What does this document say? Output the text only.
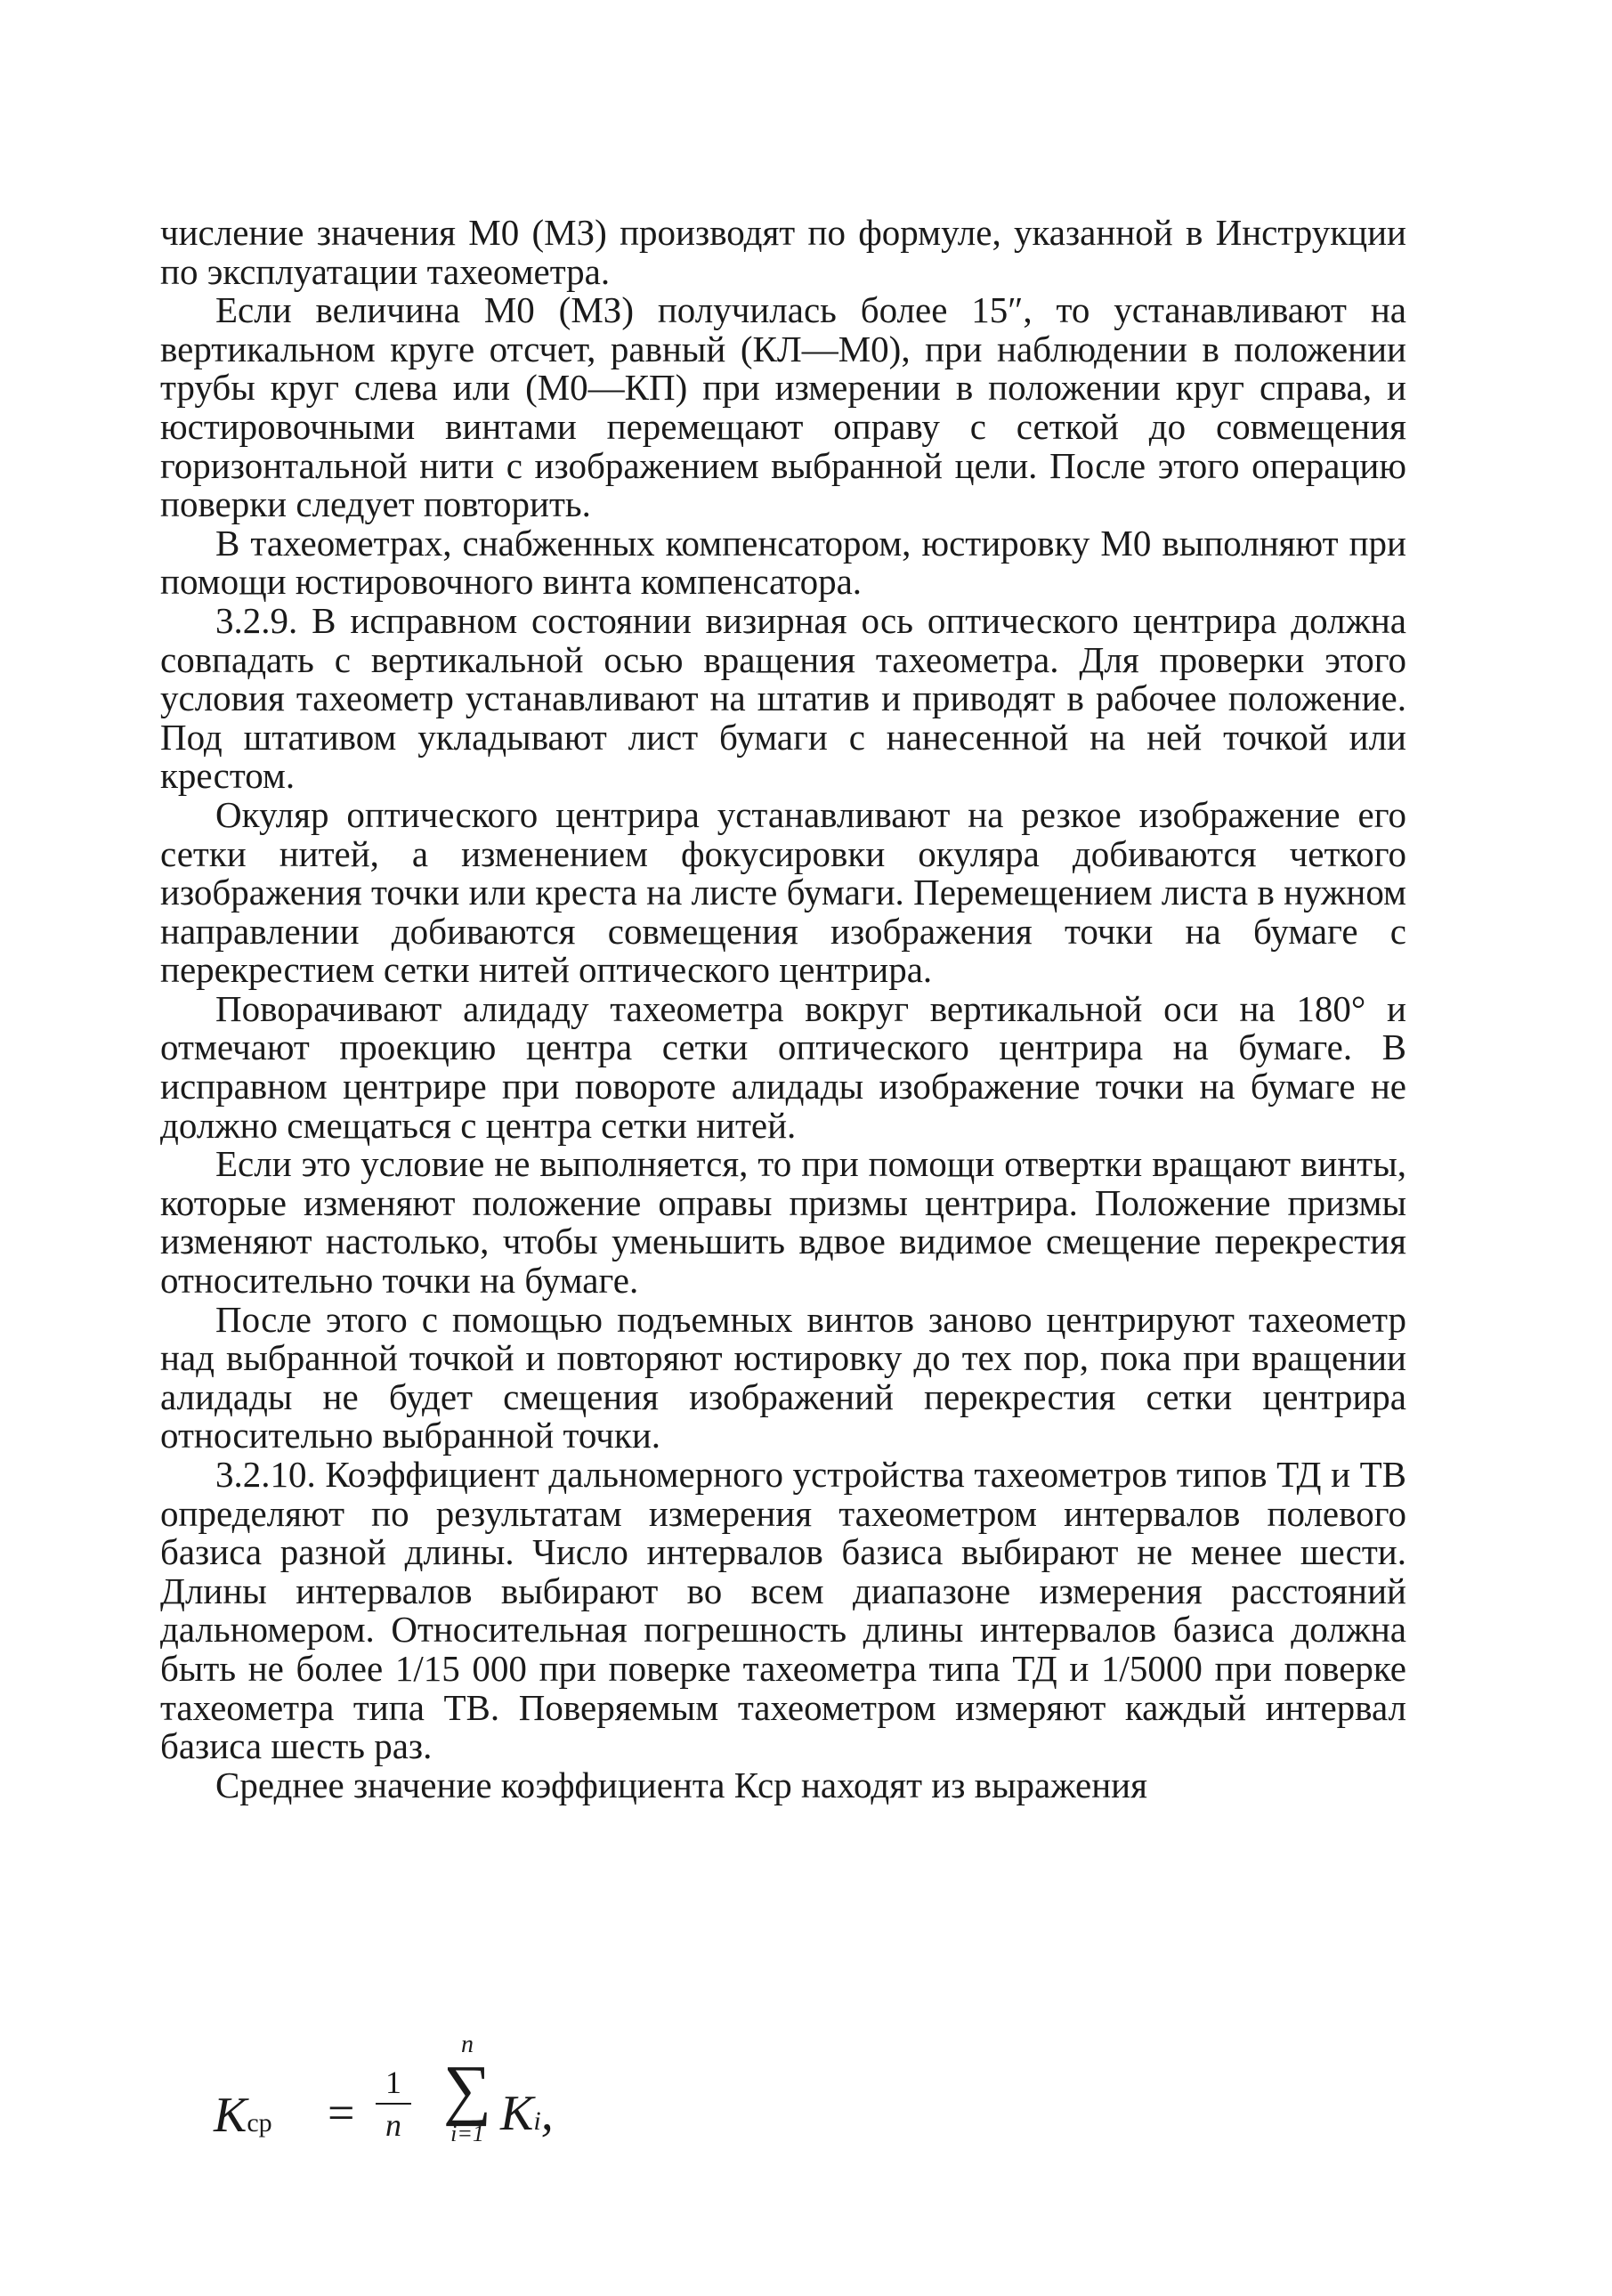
числение значения М0 (МЗ) производят по формуле, указанной в Инструкции по эксплуатации тахеометра.

Если величина М0 (МЗ) получилась более 15″, то устанавливают на вертикальном круге отсчет, равный (КЛ—М0), при наблюдении в положении трубы круг слева или (М0—КП) при измерении в положении круг справа, и юстировочными винтами перемещают оправу с сеткой до совмещения горизонтальной нити с изображением выбранной цели. После этого операцию поверки следует повторить.

В тахеометрах, снабженных компенсатором, юстировку М0 выполняют при помощи юстировочного винта компенсатора.

3.2.9. В исправном состоянии визирная ось оптического центрира должна совпадать с вертикальной осью вращения тахеометра. Для проверки этого условия тахеометр устанавливают на штатив и приводят в рабочее положение. Под штативом укладывают лист бумаги с нанесенной на ней точкой или крестом.

Окуляр оптического центрира устанавливают на резкое изображение его сетки нитей, а изменением фокусировки окуляра добиваются четкого изображения точки или креста на листе бумаги. Перемещением листа в нужном направлении добиваются совмещения изображения точки на бумаге с перекрестием сетки нитей оптического центрира.

Поворачивают алидаду тахеометра вокруг вертикальной оси на 180° и отмечают проекцию центра сетки оптического центрира на бумаге. В исправном центрире при повороте алидады изображение точки на бумаге не должно смещаться с центра сетки нитей.

Если это условие не выполняется, то при помощи отвертки вращают винты, которые изменяют положение оправы призмы центрира. Положение призмы изменяют настолько, чтобы уменьшить вдвое видимое смещение перекрестия относительно точки на бумаге.

После этого с помощью подъемных винтов заново центрируют тахеометр над выбранной точкой и повторяют юстировку до тех пор, пока при вращении алидады не будет смещения изображений перекрестия сетки центрира относительно выбранной точки.

3.2.10. Коэффициент дальномерного устройства тахеометров типов ТД и ТВ определяют по результатам измерения тахеометром интервалов полевого базиса разной длины. Число интервалов базиса выбирают не менее шести. Длины интервалов выбирают во всем диапазоне измерения расстояний дальномером. Относительная погрешность длины интервалов базиса должна быть не более 1/15 000 при поверке тахеометра типа ТД и 1/5000 при поверке тахеометра типа ТВ. Поверяемым тахеометром измеряют каждый интервал базиса шесть раз.

Среднее значение коэффициента Кср находят из выражения

Kср =
1
n
n
∑
i=1 Ki,
